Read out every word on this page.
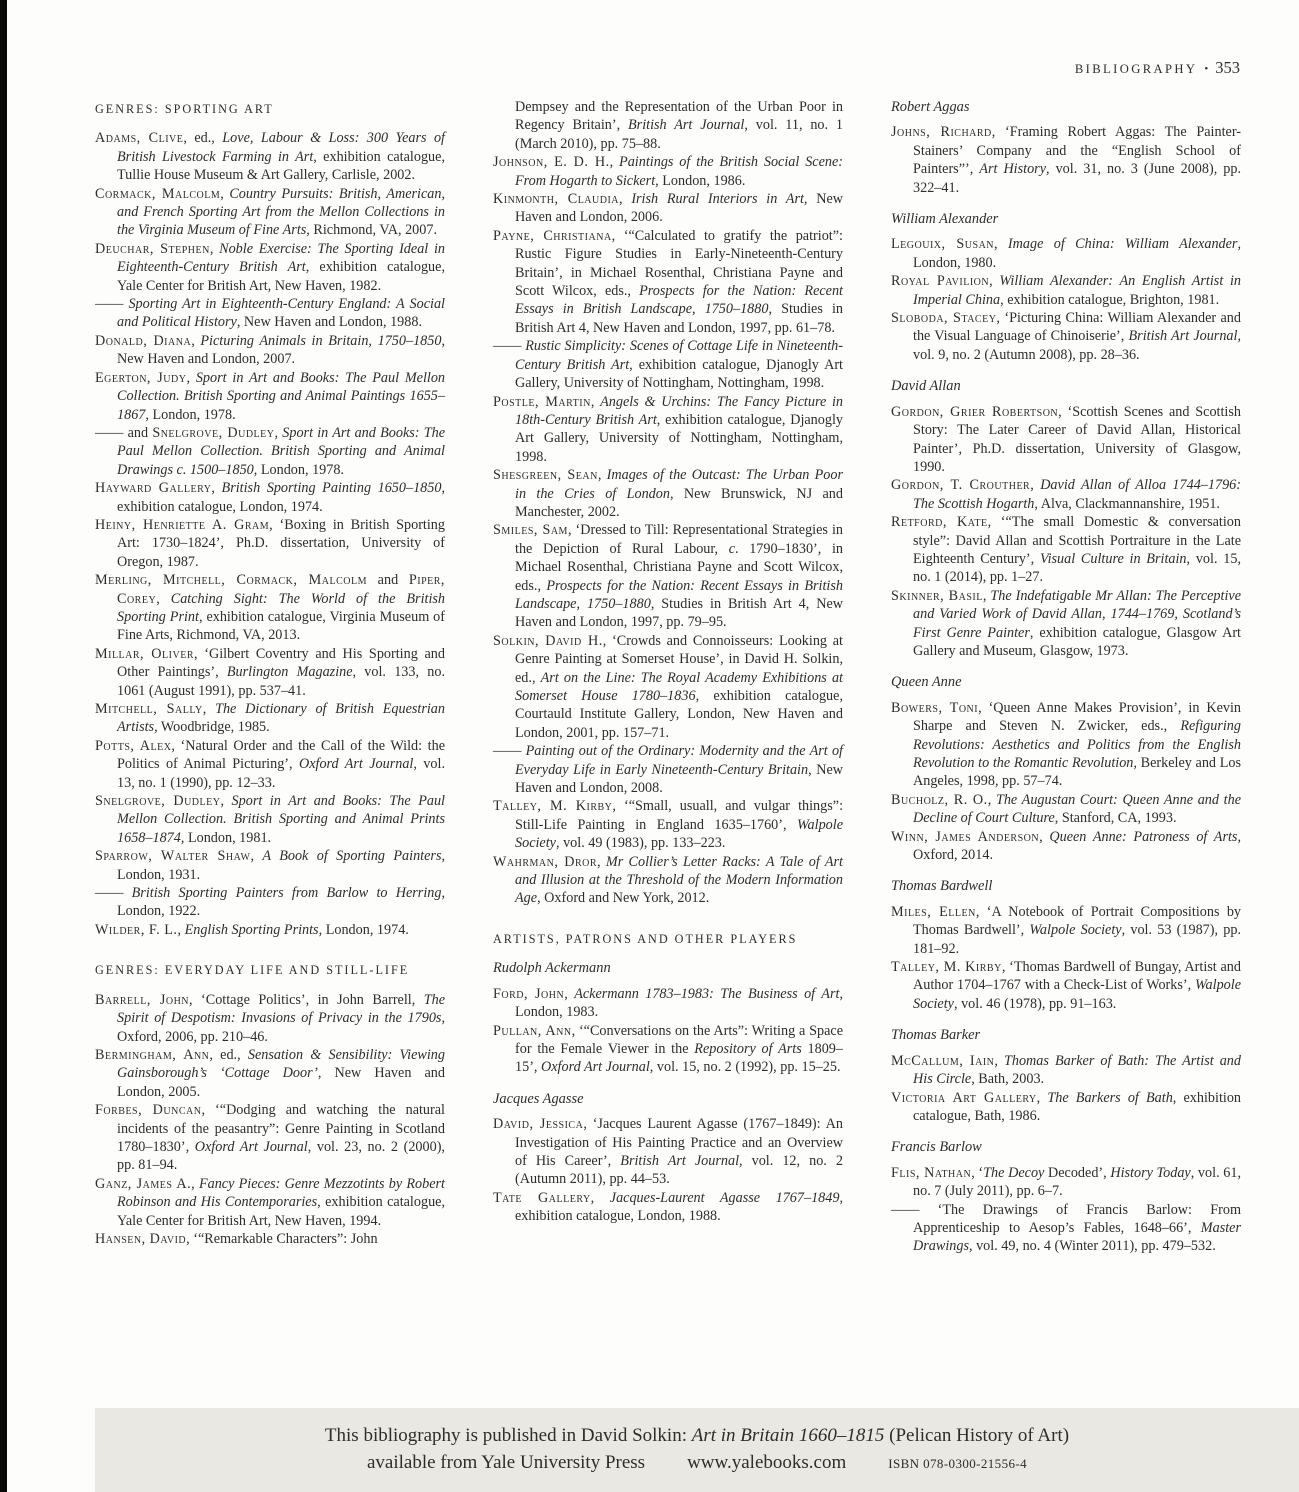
BIBLIOGRAPHY • 353
GENRES: SPORTING ART
Adams, Clive, ed., Love, Labour & Loss: 300 Years of British Livestock Farming in Art, exhibition catalogue, Tullie House Museum & Art Gallery, Carlisle, 2002.
Cormack, Malcolm, Country Pursuits: British, American, and French Sporting Art from the Mellon Collections in the Virginia Museum of Fine Arts, Richmond, VA, 2007.
Deuchar, Stephen, Noble Exercise: The Sporting Ideal in Eighteenth-Century British Art, exhibition catalogue, Yale Center for British Art, New Haven, 1982.
—— Sporting Art in Eighteenth-Century England: A Social and Political History, New Haven and London, 1988.
Donald, Diana, Picturing Animals in Britain, 1750–1850, New Haven and London, 2007.
Egerton, Judy, Sport in Art and Books: The Paul Mellon Collection. British Sporting and Animal Paintings 1655–1867, London, 1978.
—— and Snelgrove, Dudley, Sport in Art and Books: The Paul Mellon Collection. British Sporting and Animal Drawings c. 1500–1850, London, 1978.
Hayward Gallery, British Sporting Painting 1650–1850, exhibition catalogue, London, 1974.
Heiny, Henriette A. Gram, ‘Boxing in British Sporting Art: 1730–1824’, Ph.D. dissertation, University of Oregon, 1987.
Merling, Mitchell, Cormack, Malcolm and Piper, Corey, Catching Sight: The World of the British Sporting Print, exhibition catalogue, Virginia Museum of Fine Arts, Richmond, VA, 2013.
Millar, Oliver, ‘Gilbert Coventry and His Sporting and Other Paintings’, Burlington Magazine, vol. 133, no. 1061 (August 1991), pp. 537–41.
Mitchell, Sally, The Dictionary of British Equestrian Artists, Woodbridge, 1985.
Potts, Alex, ‘Natural Order and the Call of the Wild: the Politics of Animal Picturing’, Oxford Art Journal, vol. 13, no. 1 (1990), pp. 12–33.
Snelgrove, Dudley, Sport in Art and Books: The Paul Mellon Collection. British Sporting and Animal Prints 1658–1874, London, 1981.
Sparrow, Walter Shaw, A Book of Sporting Painters, London, 1931.
—— British Sporting Painters from Barlow to Herring, London, 1922.
Wilder, F. L., English Sporting Prints, London, 1974.
GENRES: EVERYDAY LIFE AND STILL-LIFE
Barrell, John, ‘Cottage Politics’, in John Barrell, The Spirit of Despotism: Invasions of Privacy in the 1790s, Oxford, 2006, pp. 210–46.
Bermingham, Ann, ed., Sensation & Sensibility: Viewing Gainsborough’s ‘Cottage Door’, New Haven and London, 2005.
Forbes, Duncan, ‘“Dodging and watching the natural incidents of the peasantry”: Genre Painting in Scotland 1780–1830’, Oxford Art Journal, vol. 23, no. 2 (2000), pp. 81–94.
Ganz, James A., Fancy Pieces: Genre Mezzotints by Robert Robinson and His Contemporaries, exhibition catalogue, Yale Center for British Art, New Haven, 1994.
Hansen, David, ‘“Remarkable Characters”: John
Dempsey and the Representation of the Urban Poor in Regency Britain’, British Art Journal, vol. 11, no. 1 (March 2010), pp. 75–88.
Johnson, E. D. H., Paintings of the British Social Scene: From Hogarth to Sickert, London, 1986.
Kinmonth, Claudia, Irish Rural Interiors in Art, New Haven and London, 2006.
Payne, Christiana, ‘“Calculated to gratify the patriot”: Rustic Figure Studies in Early-Nineteenth-Century Britain’, in Michael Rosenthal, Christiana Payne and Scott Wilcox, eds., Prospects for the Nation: Recent Essays in British Landscape, 1750–1880, Studies in British Art 4, New Haven and London, 1997, pp. 61–78.
—— Rustic Simplicity: Scenes of Cottage Life in Nineteenth-Century British Art, exhibition catalogue, Djanogly Art Gallery, University of Nottingham, Nottingham, 1998.
Postle, Martin, Angels & Urchins: The Fancy Picture in 18th-Century British Art, exhibition catalogue, Djanogly Art Gallery, University of Nottingham, Nottingham, 1998.
Shesgreen, Sean, Images of the Outcast: The Urban Poor in the Cries of London, New Brunswick, NJ and Manchester, 2002.
Smiles, Sam, ‘Dressed to Till: Representational Strategies in the Depiction of Rural Labour, c. 1790–1830’, in Michael Rosenthal, Christiana Payne and Scott Wilcox, eds., Prospects for the Nation: Recent Essays in British Landscape, 1750–1880, Studies in British Art 4, New Haven and London, 1997, pp. 79–95.
Solkin, David H., ‘Crowds and Connoisseurs: Looking at Genre Painting at Somerset House’, in David H. Solkin, ed., Art on the Line: The Royal Academy Exhibitions at Somerset House 1780–1836, exhibition catalogue, Courtauld Institute Gallery, London, New Haven and London, 2001, pp. 157–71.
—— Painting out of the Ordinary: Modernity and the Art of Everyday Life in Early Nineteenth-Century Britain, New Haven and London, 2008.
Talley, M. Kirby, ‘“Small, usuall, and vulgar things”: Still-Life Painting in England 1635–1760’, Walpole Society, vol. 49 (1983), pp. 133–223.
Wahrman, Dror, Mr Collier’s Letter Racks: A Tale of Art and Illusion at the Threshold of the Modern Information Age, Oxford and New York, 2012.
ARTISTS, PATRONS AND OTHER PLAYERS
Rudolph Ackermann
Ford, John, Ackermann 1783–1983: The Business of Art, London, 1983.
Pullan, Ann, ‘“Conversations on the Arts”: Writing a Space for the Female Viewer in the Repository of Arts 1809–15’, Oxford Art Journal, vol. 15, no. 2 (1992), pp. 15–25.
Jacques Agasse
David, Jessica, ‘Jacques Laurent Agasse (1767–1849): An Investigation of His Painting Practice and an Overview of His Career’, British Art Journal, vol. 12, no. 2 (Autumn 2011), pp. 44–53.
Tate Gallery, Jacques-Laurent Agasse 1767–1849, exhibition catalogue, London, 1988.
Robert Aggas
Johns, Richard, ‘Framing Robert Aggas: The Painter-Stainers’ Company and the “English School of Painters”’, Art History, vol. 31, no. 3 (June 2008), pp. 322–41.
William Alexander
Legouix, Susan, Image of China: William Alexander, London, 1980.
Royal Pavilion, William Alexander: An English Artist in Imperial China, exhibition catalogue, Brighton, 1981.
Sloboda, Stacey, ‘Picturing China: William Alexander and the Visual Language of Chinoiserie’, British Art Journal, vol. 9, no. 2 (Autumn 2008), pp. 28–36.
David Allan
Gordon, Grier Robertson, ‘Scottish Scenes and Scottish Story: The Later Career of David Allan, Historical Painter’, Ph.D. dissertation, University of Glasgow, 1990.
Gordon, T. Crouther, David Allan of Alloa 1744–1796: The Scottish Hogarth, Alva, Clackmannanshire, 1951.
Retford, Kate, ‘“The small Domestic & conversation style”: David Allan and Scottish Portraiture in the Late Eighteenth Century’, Visual Culture in Britain, vol. 15, no. 1 (2014), pp. 1–27.
Skinner, Basil, The Indefatigable Mr Allan: The Perceptive and Varied Work of David Allan, 1744–1769, Scotland’s First Genre Painter, exhibition catalogue, Glasgow Art Gallery and Museum, Glasgow, 1973.
Queen Anne
Bowers, Toni, ‘Queen Anne Makes Provision’, in Kevin Sharpe and Steven N. Zwicker, eds., Refiguring Revolutions: Aesthetics and Politics from the English Revolution to the Romantic Revolution, Berkeley and Los Angeles, 1998, pp. 57–74.
Bucholz, R. O., The Augustan Court: Queen Anne and the Decline of Court Culture, Stanford, CA, 1993.
Winn, James Anderson, Queen Anne: Patroness of Arts, Oxford, 2014.
Thomas Bardwell
Miles, Ellen, ‘A Notebook of Portrait Compositions by Thomas Bardwell’, Walpole Society, vol. 53 (1987), pp. 181–92.
Talley, M. Kirby, ‘Thomas Bardwell of Bungay, Artist and Author 1704–1767 with a Check-List of Works’, Walpole Society, vol. 46 (1978), pp. 91–163.
Thomas Barker
McCallum, Iain, Thomas Barker of Bath: The Artist and His Circle, Bath, 2003.
Victoria Art Gallery, The Barkers of Bath, exhibition catalogue, Bath, 1986.
Francis Barlow
Flis, Nathan, ‘The Decoy Decoded’, History Today, vol. 61, no. 7 (July 2011), pp. 6–7.
—— ‘The Drawings of Francis Barlow: From Apprenticeship to Aesop’s Fables, 1648–66’, Master Drawings, vol. 49, no. 4 (Winter 2011), pp. 479–532.
This bibliography is published in David Solkin: Art in Britain 1660–1815 (Pelican History of Art)
available from Yale University Press www.yalebooks.com ISBN 078-0300-21556-4
